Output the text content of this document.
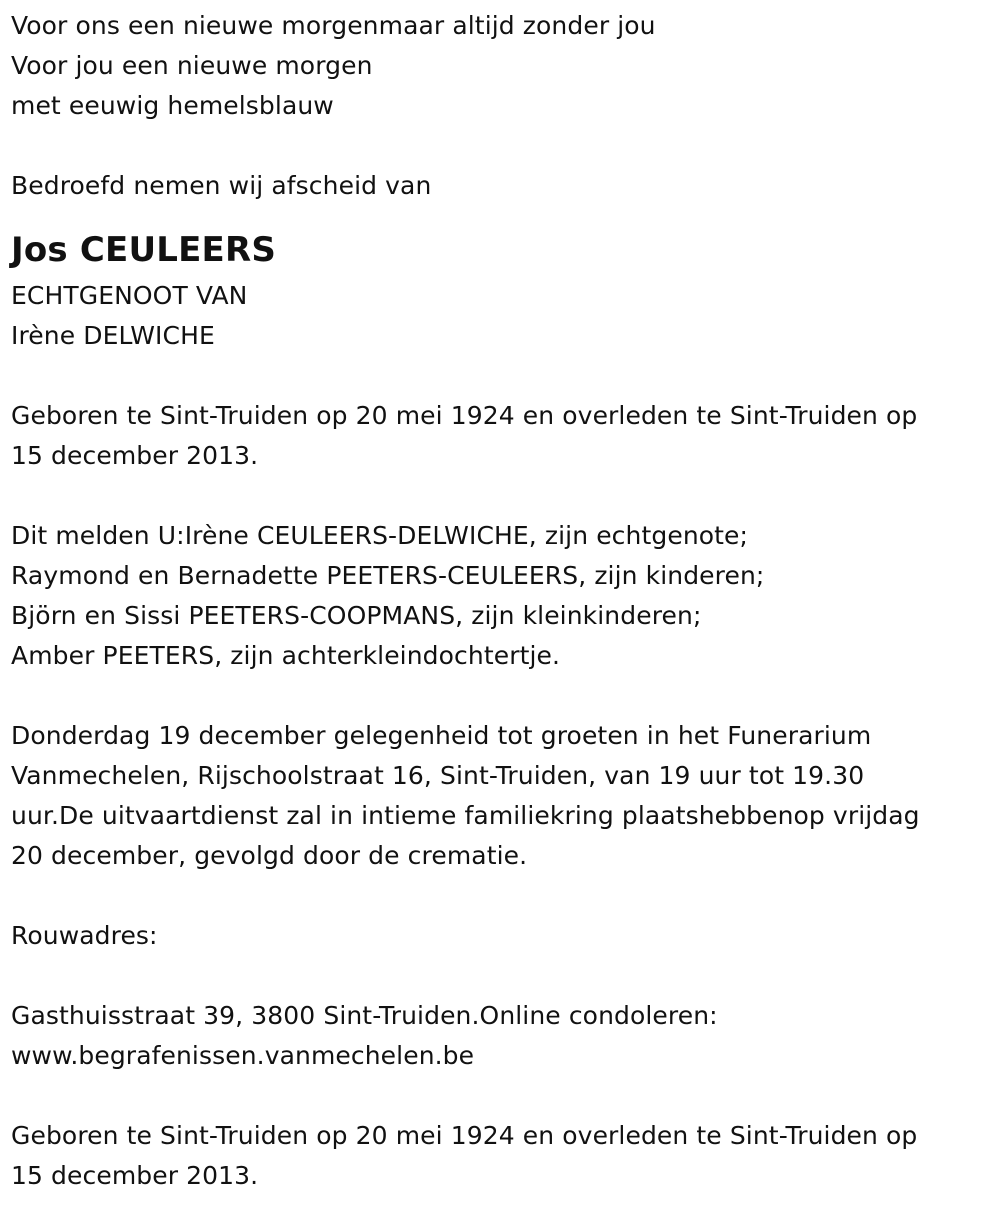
Voor ons een nieuwe morgenmaar altijd zonder jou
Voor jou een nieuwe morgen
met eeuwig hemelsblauw
Bedroefd nemen wij afscheid van
Jos CEULEERS
ECHTGENOOT VAN
Irène DELWICHE
Geboren te Sint-Truiden op 20 mei 1924 en overleden te Sint-Truiden op
15 december 2013.
Dit melden U:Irène CEULEERS-DELWICHE, zijn echtgenote;
Raymond en Bernadette PEETERS-CEULEERS, zijn kinderen;
Björn en Sissi PEETERS-COOPMANS, zijn kleinkinderen;
Amber PEETERS, zijn achterkleindochtertje.
Donderdag 19 december gelegenheid tot groeten in het Funerarium
Vanmechelen, Rijschoolstraat 16, Sint-Truiden, van 19 uur tot 19.30
uur.De uitvaartdienst zal in intieme familiekring plaatshebbenop vrijdag
20 december, gevolgd door de crematie.
Rouwadres:
Gasthuisstraat 39, 3800 Sint-Truiden.Online condoleren:
www.begrafenissen.vanmechelen.be
Geboren te Sint-Truiden op 20 mei 1924 en overleden te Sint-Truiden op
15 december 2013.
